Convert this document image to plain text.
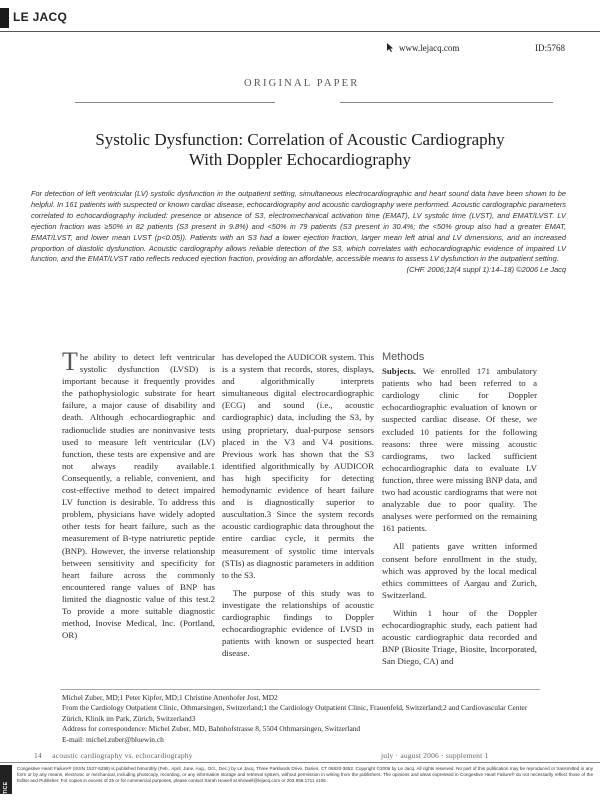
LE JACQ
www.lejacq.com	ID:5768
ORIGINAL PAPER
Systolic Dysfunction: Correlation of Acoustic Cardiography
With Doppler Echocardiography
For detection of left ventricular (LV) systolic dysfunction in the outpatient setting, simultaneous electrocardiographic and heart sound data have been shown to be helpful. In 161 patients with suspected or known cardiac disease, echocardiography and acoustic cardiography were performed. Acoustic cardiographic parameters correlated to echocardiography included: presence or absence of S3, electromechanical activation time (EMAT), LV systolic time (LVST), and EMAT/LVST. LV ejection fraction was ≥50% in 82 patients (S3 present in 9.8%) and <50% in 79 patients (S3 present in 30.4%; the <50% group also had a greater EMAT, EMAT/LVST, and lower mean LVST (p<0.05)). Patients with an S3 had a lower ejection fraction, larger mean left atrial and LV dimensions, and an increased proportion of diastolic dysfunction. Acoustic cardiography allows reliable detection of the S3, which correlates with echocardiographic evidence of impaired LV function, and the EMAT/LVST ratio reflects reduced ejection fraction, providing an affordable, accessible means to assess LV dysfunction in the outpatient setting.
(CHF. 2006;12(4 suppl 1):14–18) ©2006 Le Jacq

The ability to detect left ventricular systolic dysfunction (LVSD) is important because it frequently provides the pathophysiologic substrate for heart failure, a major cause of disability and death. Although echocardiographic and radionuclide studies are noninvasive tests used to measure left ventricular (LV) function, these tests are expensive and are not always readily available.1 Consequently, a reliable, convenient, and cost-effective method to detect impaired LV function is desirable. To address this problem, physicians have widely adopted other tests for heart failure, such as the measurement of B-type natriuretic peptide (BNP). However, the inverse relationship between sensitivity and specificity for heart failure across the commonly encountered range values of BNP has limited the diagnostic value of this test.2 To provide a more suitable diagnostic method, Inovise Medical, Inc. (Portland, OR)

has developed the AUDICOR system. This is a system that records, stores, displays, and algorithmically interprets simultaneous digital electrocardiographic (ECG) and sound (i.e., acoustic cardiographic) data, including the S3, by using proprietary, dual-purpose sensors placed in the V3 and V4 positions. Previous work has shown that the S3 identified algorithmically by AUDICOR has high specificity for detecting hemodynamic evidence of heart failure and is diagnostically superior to auscultation.3 Since the system records acoustic cardiographic data throughout the entire cardiac cycle, it permits the measurement of systolic time intervals (STIs) as diagnostic parameters in addition to the S3.

The purpose of this study was to investigate the relationships of acoustic cardiographic findings to Doppler echocardiographic evidence of LVSD in patients with known or suspected heart disease.

Methods

Subjects. We enrolled 171 ambulatory patients who had been referred to a cardiology clinic for Doppler echocardiographic evaluation of known or suspected cardiac disease. Of these, we excluded 10 patients for the following reasons: three were missing acoustic cardiograms, two lacked sufficient echocardiographic data to evaluate LV function, three were missing BNP data, and two had acoustic cardiograms that were not analyzable due to poor quality. The analyses were performed on the remaining 161 patients.

All patients gave written informed consent before enrollment in the study, which was approved by the local medical ethics committees of Aargau and Zurich, Switzerland.

Within 1 hour of the Doppler echocardiographic study, each patient had acoustic cardiographic data recorded and BNP (Biosite Triage, Biosite, Incorporated, San Diego, CA) and

Michel Zuber, MD;1 Peter Kipfer, MD;1 Christine Attenhofer Jost, MD2
From the Cardiology Outpatient Clinic, Othmarsingen, Switzerland;1 the Cardiology Outpatient Clinic, Frauenfeld, Switzerland;2 and Cardiovascular Center Zürich, Klinik im Park, Zürich, Switzerland3
Address for correspondence: Michel Zuber, MD, Bahnhofstrasse 8, 5504 Othmarsingen, Switzerland
E-mail: michel.zuber@bluewin.ch
14 acoustic cardiography vs. echocardiography	july · august 2006 · supplement 1
NOTICE
Congestive Heart Failure® (ISSN 1527-5299) is published bimonthly (Feb., April, June, Aug., Oct., Dec.) by Le Jacq, Three Parklands Drive, Darien, CT 06820-3652. Copyright ©2006 by Le Jacq. All rights reserved. No part of this publication may be reproduced or transmitted in any form or by any means, electronic or mechanical, including photocopy, recording, or any information storage and retrieval system, without permission in writing from the publishers. The opinions and ideas expressed in Congestive Heart Failure® do not necessarily reflect those of the Editor and Publisher. For copies in excess of 25 or for commercial purposes, please contact Sarah Howell at showell@lejacq.com or 203.656.1711 x106.
